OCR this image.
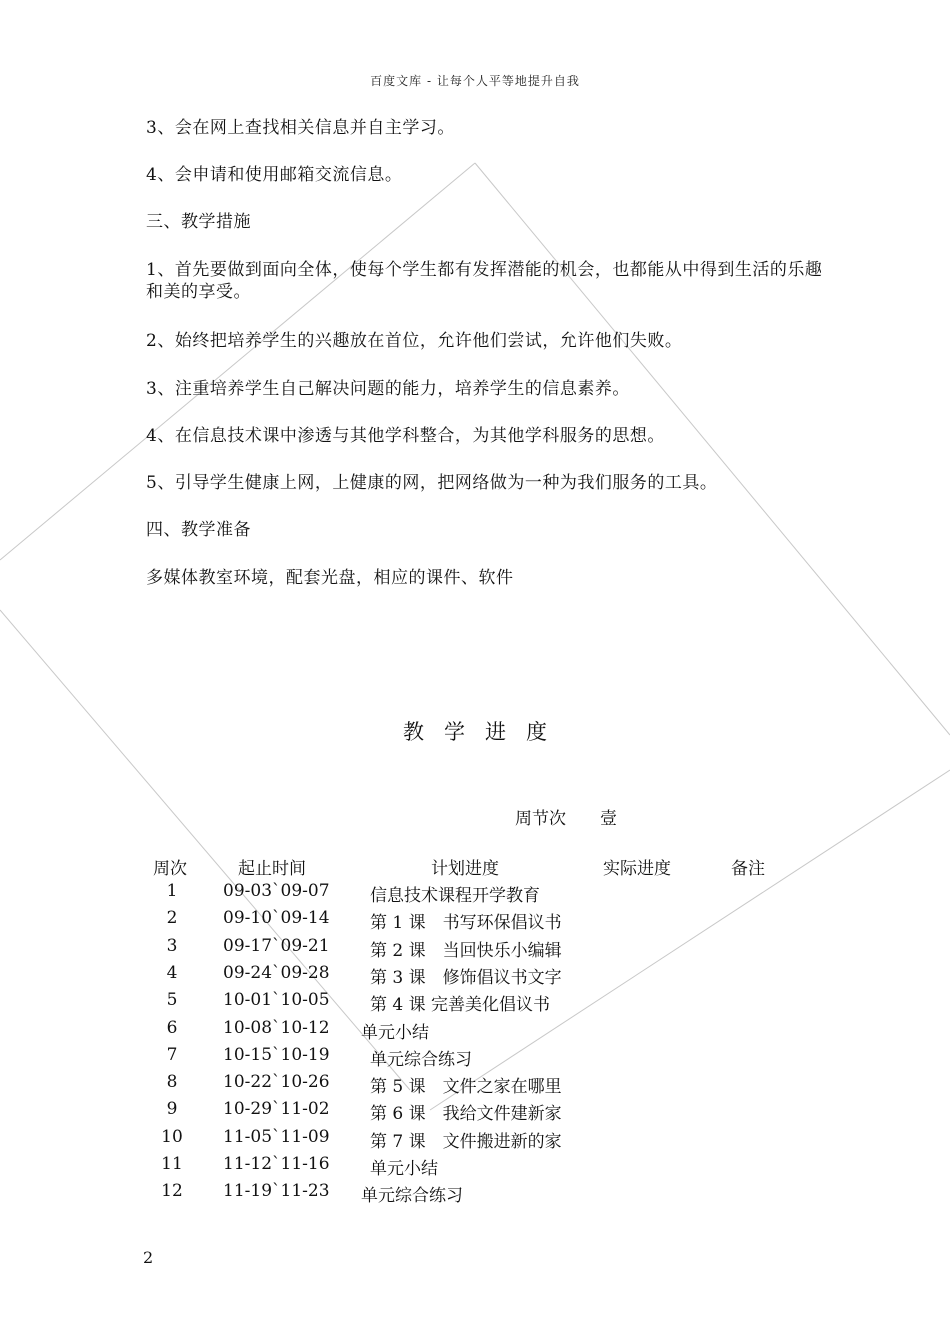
百度文库 - 让每个人平等地提升自我
3、会在网上查找相关信息并自主学习。
4、会申请和使用邮箱交流信息。
三、教学措施
1、首先要做到面向全体，使每个学生都有发挥潜能的机会，也都能从中得到生活的乐趣和美的享受。
2、始终把培养学生的兴趣放在首位，允许他们尝试，允许他们失败。
3、注重培养学生自己解决问题的能力，培养学生的信息素养。
4、在信息技术课中渗透与其他学科整合，为其他学科服务的思想。
5、引导学生健康上网，上健康的网，把网络做为一种为我们服务的工具。
四、教学准备
多媒体教室环境，配套光盘，相应的课件、软件
教学进度
周节次 壹
周次	起止时间	计划进度	实际进度	备注
1	09-03`09-07 信息技术课程开学教育
2	09-10`09-14 第 1 课　书写环保倡议书
3	09-17`09-21 第 2 课　当回快乐小编辑
4	09-24`09-28 第 3 课　修饰倡议书文字
5	10-01`10-05 第 4 课 完善美化倡议书
6	10-08`10-12 单元小结
7	10-15`10-19 单元综合练习
8	10-22`10-26 第 5 课　文件之家在哪里
9	10-29`11-02 第 6 课　我给文件建新家
10	11-05`11-09 第 7 课　文件搬进新的家
11	11-12`11-16 单元小结
12	11-19`11-23 单元综合练习
2
